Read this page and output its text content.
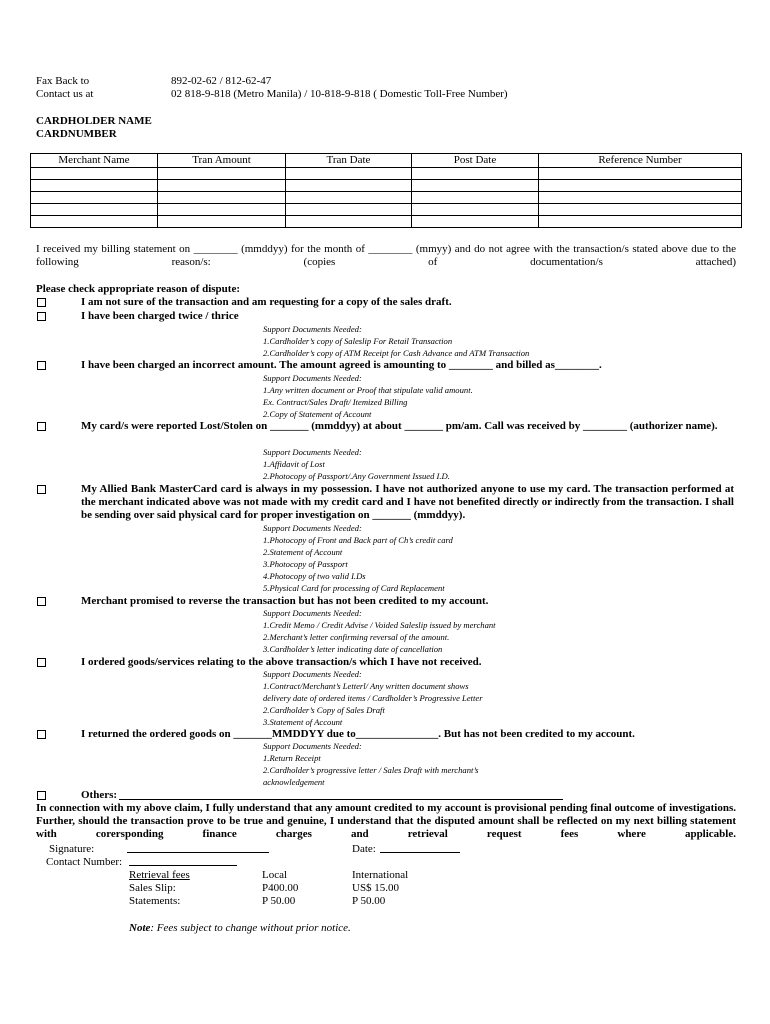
Fax Back to	892-02-62 / 812-62-47
Contact us at	02 818-9-818 (Metro Manila) / 10-818-9-818 ( Domestic Toll-Free Number)
CARDHOLDER NAME
CARDNUMBER
Merchant Name	Tran Amount	Tran Date	Post Date	Reference Number

I received my billing statement on ________ (mmddyy) for the month of ________ (mmyy) and do not agree with the transaction/s stated above due to the following reason/s: (copies of documentation/s attached)
Please check appropriate reason of dispute:
I am not sure of the transaction and am requesting for a copy of the sales draft.
I have been charged twice / thrice
Support Documents Needed:
1.Cardholder’s copy of Saleslip For Retail Transaction
2.Cardholder’s copy of ATM Receipt for Cash Advance and ATM Transaction
I have been charged an incorrect amount. The amount agreed is amounting to ________ and billed as________.
Support Documents Needed:
1.Any written document or Proof that stipulate valid amount.
Ex. Contract/Sales Draft/ Itemized Billing
2.Copy of Statement of Account
My card/s were reported Lost/Stolen on _______ (mmddyy) at about _______ pm/am. Call was received by ________ (authorizer name).
Support Documents Needed:
1.Affidavit of Lost
2.Photocopy of Passport/.Any Government Issued I.D.
My Allied Bank MasterCard card is always in my possession. I have not authorized anyone to use my card. The transaction performed at the merchant indicated above was not made with my credit card and I have not benefited directly or indirectly from the transaction. I shall be sending over said physical card for proper investigation on _______ (mmddyy).
Support Documents Needed:
1.Photocopy of Front and Back part of Ch’s credit card
2.Statement of Account
3.Photocopy of Passport
4.Photocopy of two valid I.Ds
5.Physical Card for processing of Card Replacement
Merchant promised to reverse the transaction but has not been credited to my account.
Support Documents Needed:
1.Credit Memo / Credit Advise / Voided Saleslip issued by merchant
2.Merchant’s letter confirming reversal of the amount.
3.Cardholder’s letter indicating date of cancellation
I ordered goods/services relating to the above transaction/s which I have not received.
Support Documents Needed:
1.Contract/Merchant’s Letterl/ Any written document shows
delivery date of ordered items / Cardholder’s Progressive Letter
2.Cardholder’s Copy of Sales Draft
3.Statement of Account
I returned the ordered goods on _______MMDDYY due to_______________. But has not been credited to my account.
Support Documents Needed:
1.Return Receipt
2.Cardholder’s progressive letter / Sales Draft with merchant’s
acknowledgement
Others:
In connection with my above claim, I fully understand that any amount credited to my account is provisional pending final outcome of investigations. Further, should the transaction prove to be true and genuine, I understand that the disputed amount shall be reflected on my next billing statement with corersponding finance charges and retrieval request fees where applicable.
Signature:	Date:
Contact Number:
Retrieval fees	Local	International
Sales Slip:	P400.00	US$ 15.00
Statements:	P 50.00	P 50.00
Note: Fees subject to change without prior notice.
